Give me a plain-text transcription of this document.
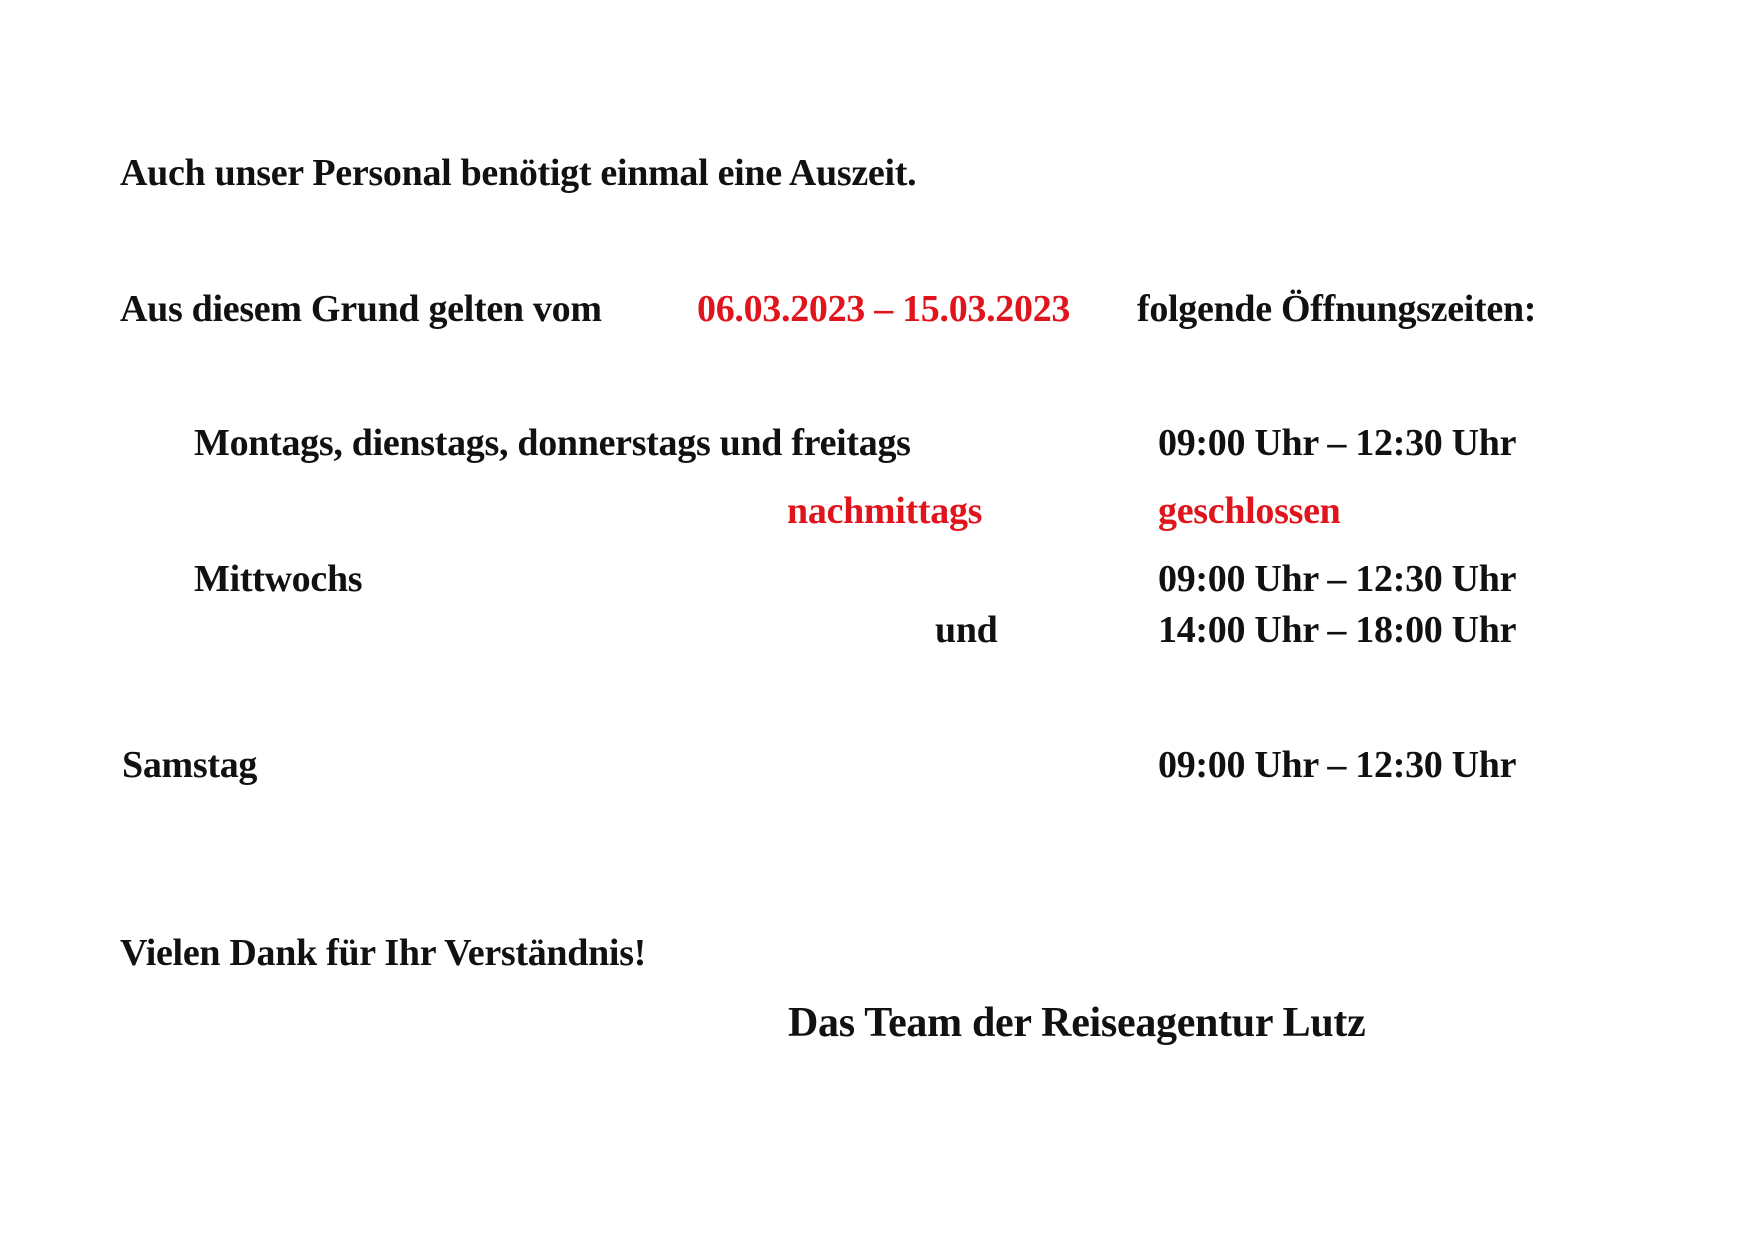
Auch unser Personal benötigt einmal eine Auszeit.
Aus diesem Grund gelten vom	06.03.2023 – 15.03.2023 folgende Öffnungszeiten:
Montags, dienstags, donnerstags und freitags	09:00 Uhr – 12:30 Uhr
nachmittags	geschlossen
Mittwochs	09:00 Uhr – 12:30 Uhr
und	14:00 Uhr – 18:00 Uhr
Samstag	09:00 Uhr – 12:30 Uhr
Vielen Dank für Ihr Verständnis!
Das Team der Reiseagentur Lutz
